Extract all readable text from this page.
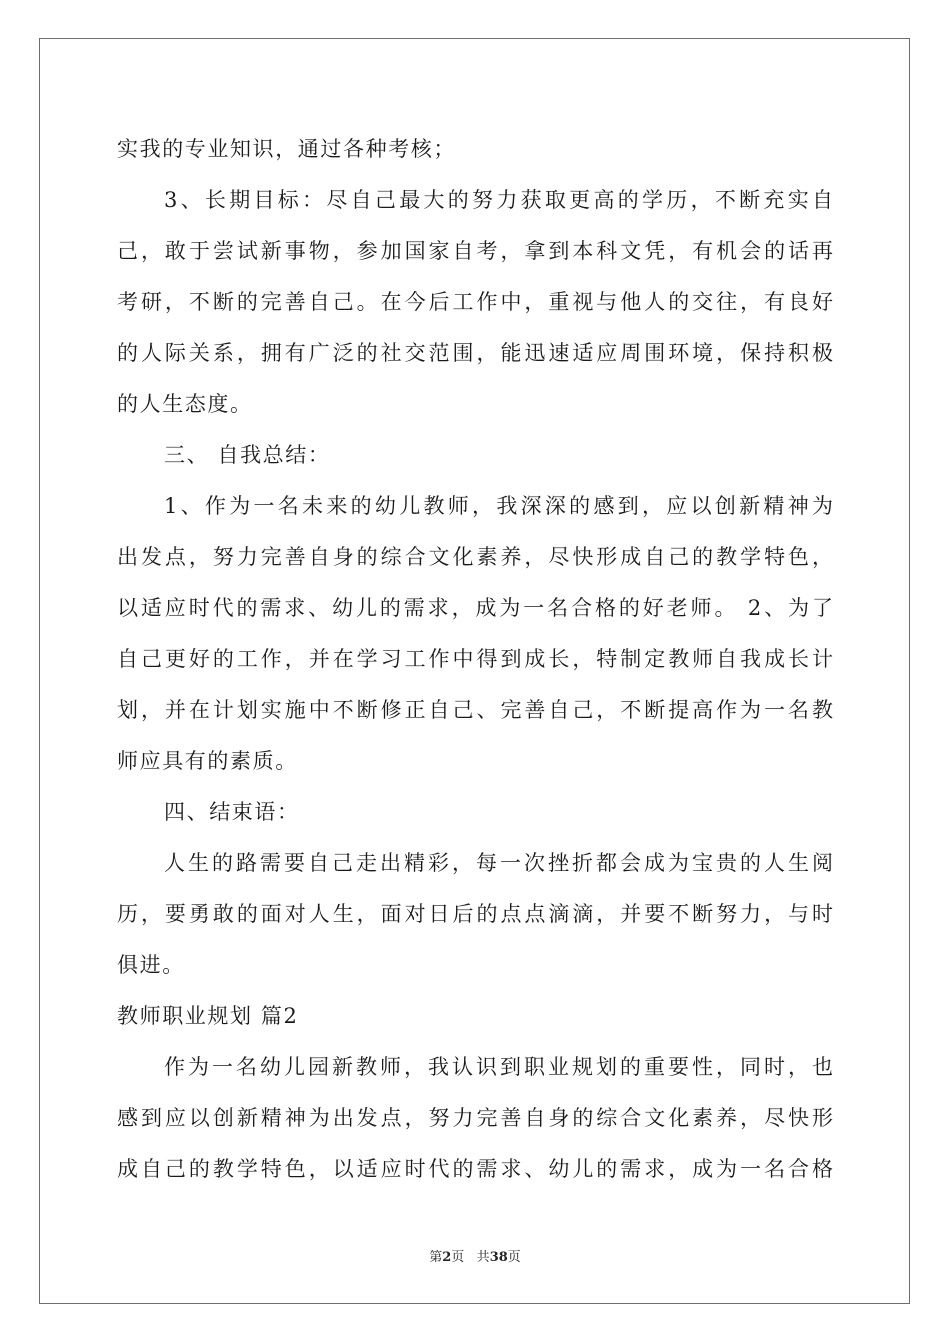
实我的专业知识，通过各种考核；
3、长期目标：尽自己最大的努力获取更高的学历，不断充实自
己，敢于尝试新事物，参加国家自考，拿到本科文凭，有机会的话再
考研，不断的完善自己。在今后工作中，重视与他人的交往，有良好
的人际关系，拥有广泛的社交范围，能迅速适应周围环境，保持积极
的人生态度。
三、 自我总结：
1、作为一名未来的幼儿教师，我深深的感到，应以创新精神为
出发点，努力完善自身的综合文化素养，尽快形成自己的教学特色，
以适应时代的需求、幼儿的需求，成为一名合格的好老师。 2、为了
自己更好的工作，并在学习工作中得到成长，特制定教师自我成长计
划，并在计划实施中不断修正自己、完善自己，不断提高作为一名教
师应具有的素质。
四、结束语：
人生的路需要自己走出精彩，每一次挫折都会成为宝贵的人生阅
历，要勇敢的面对人生，面对日后的点点滴滴，并要不断努力，与时
俱进。
教师职业规划 篇2
作为一名幼儿园新教师，我认识到职业规划的重要性，同时，也
感到应以创新精神为出发点，努力完善自身的综合文化素养，尽快形
成自己的教学特色，以适应时代的需求、幼儿的需求，成为一名合格
第2页 共38页
